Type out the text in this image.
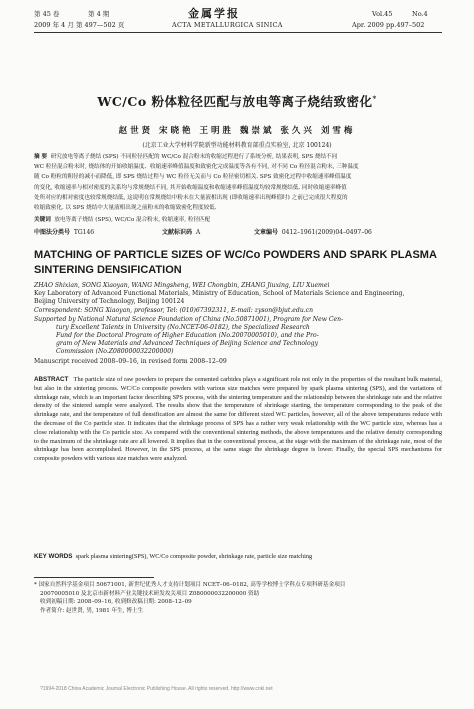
第 45 卷	第 4 期	金属学报	Vol.45	No.4
2009 年 4 月 第 497—502 页	ACTA METALLURGICA SINICA	Apr. 2009 pp.497–502
WC/Co 粉体粒径匹配与放电等离子烧结致密化*
赵世贤 宋晓艳 王明胜 魏崇斌 张久兴 刘雪梅
(北京工业大学材料学院新型功能材料教育部重点实验室, 北京 100124)
摘 要 研究放电等离子烧结 (SPS) 不同粒径匹配的 WC/Co 混合粉末的收缩过程进行了系统分析, 结果表明, SPS 烧结不同
WC 粒径混合粉末时, 烧结体的开始收缩温度、收缩速率峰值温度和致密化完成温度等各有不同, 对不同 Co 粒径混合粉末, 三种温度
随 Co 粉粒的粗径的减小而降低, 即 SPS 烧结过程与 WC 粒径无关而与 Co 粒径密切相关. SPS 致密化过程中收缩速率峰值温度
的变化, 收缩速率与相对密度的关系均与常规烧结不同, 其开始收缩温度和收缩速率峰值温度均较常规烧结低. 同时收缩速率峰值
处所对应的相对密度也较常规烧结低, 这说明在常规烧结中粉末在大量液相出现 (即收缩速率出现峰值时) 之前已完成很大程度的
收缩致密化. 以 SPS 烧结中大量液相出现之前粉末的收缩致密化程度较低.
关键词 放电等离子烧结 (SPS), WC/Co 混合粉末, 收缩速率, 粒径匹配
中图法分类号 TG146	文献标识码 A	文章编号 0412–1961(2009)04–0497–06
MATCHING OF PARTICLE SIZES OF WC/Co POWDERS AND SPARK PLASMA SINTERING DENSIFICATION
ZHAO Shixian, SONG Xiaoyan, WANG Mingsheng, WEI Chongbin, ZHANG Jiuxing, LIU Xuemei
Key Laboratory of Advanced Functional Materials, Ministry of Education, School of Materials Science and Engineering,
Beijing University of Technology, Beijing 100124
Correspondent: SONG Xiaoyan, professor, Tel: (010)67392311, E-mail: zyson@bjut.edu.cn
Supported by National Natural Science Foundation of China (No.50871001), Program for New Cen-
tury Excellent Talents in University (No.NCET-06-0182), the Specialized Research
Fund for the Doctoral Program of Higher Education (No.20070005010), and the Pro-
gram of New Materials and Advanced Techniques of Beijing Science and Technology
Commission (No.Z080000032200000)
Manuscript received 2008–09–16, in revised form 2008–12–09
ABSTRACT The particle size of raw powders to prepare the cemented carbides plays a significant role not only in the properties of the resultant bulk material, but also in the sintering process. WC/Co composite powders with various size matches were prepared by spark plasma sintering (SPS), and the variations of shrinkage rate, which is an important factor describing SPS process, with the sintering temperature and the relationship between the shrinkage rate and the relative density of the sintered sample were analyzed. The results show that the temperature of shrinkage starting, the temperature corresponding to the peak of the shrinkage rate, and the temperature of full densification are almost the same for different sized WC particles, however, all of the above temperatures reduce with the decrease of the Co particle size. It indicates that the shrinkage process of SPS has a rather very weak relationship with the WC particle size, whereas has a close relationship with the Co particle size. As compared with the conventional sintering methods, the above temperatures and the relative density corresponding to the maximum of the shrinkage rate are all lowered. It implies that in the conventional process, at the stage with the maximum of the shrinkage rate, most of the shrinkage has been accomplished. However, in the SPS process, at the same stage the shrinkage degree is lower. Finally, the special SPS mechanisms for composite powders with various size matches were analyzed.
KEY WORDS spark plasma sintering(SPS), WC/Co composite powder, shrinkage rate, particle size matching
* 国家自然科学基金项目 50671001, 新世纪优秀人才支持计划项目 NCET–06–0182, 高等学校博士学科点专项科研基金项目
20070005010 及北京市新材料产业关键技术研发攻关项目 Z080000032200000 资助
收到初稿日期: 2008–09–16, 收到修改稿日期: 2008–12–09
作者简介: 赵世贤, 男, 1981 年生, 博士生
?1994-2018 China Academic Journal Electronic Publishing House. All rights reserved. http://www.cnki.net
